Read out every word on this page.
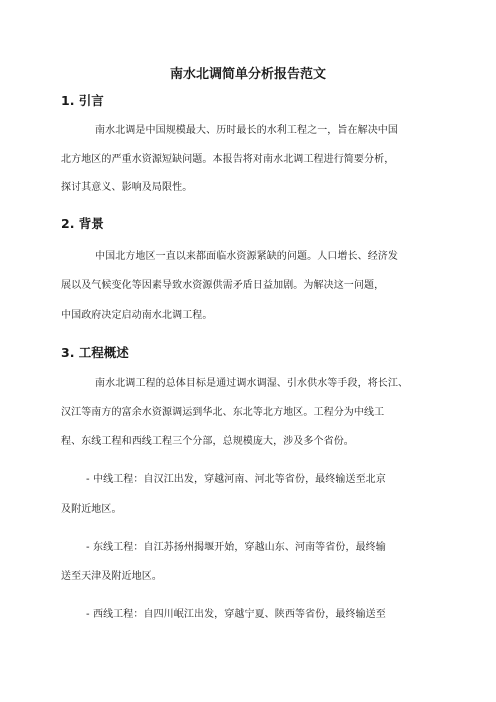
南水北调简单分析报告范文
1. 引言
南水北调是中国规模最大、历时最长的水利工程之一，旨在解决中国
北方地区的严重水资源短缺问题。本报告将对南水北调工程进行简要分析，
探讨其意义、影响及局限性。
2. 背景
中国北方地区一直以来都面临水资源紧缺的问题。人口增长、经济发
展以及气候变化等因素导致水资源供需矛盾日益加剧。为解决这一问题，
中国政府决定启动南水北调工程。
3. 工程概述
南水北调工程的总体目标是通过调水调湿、引水供水等手段，将长江、
汉江等南方的富余水资源调运到华北、东北等北方地区。工程分为中线工
程、东线工程和西线工程三个分部，总规模庞大，涉及多个省份。
- 中线工程：自汉江出发，穿越河南、河北等省份，最终输送至北京
及附近地区。
- 东线工程：自江苏扬州揭堰开始，穿越山东、河南等省份，最终输
送至天津及附近地区。
- 西线工程：自四川岷江出发，穿越宁夏、陕西等省份，最终输送至
